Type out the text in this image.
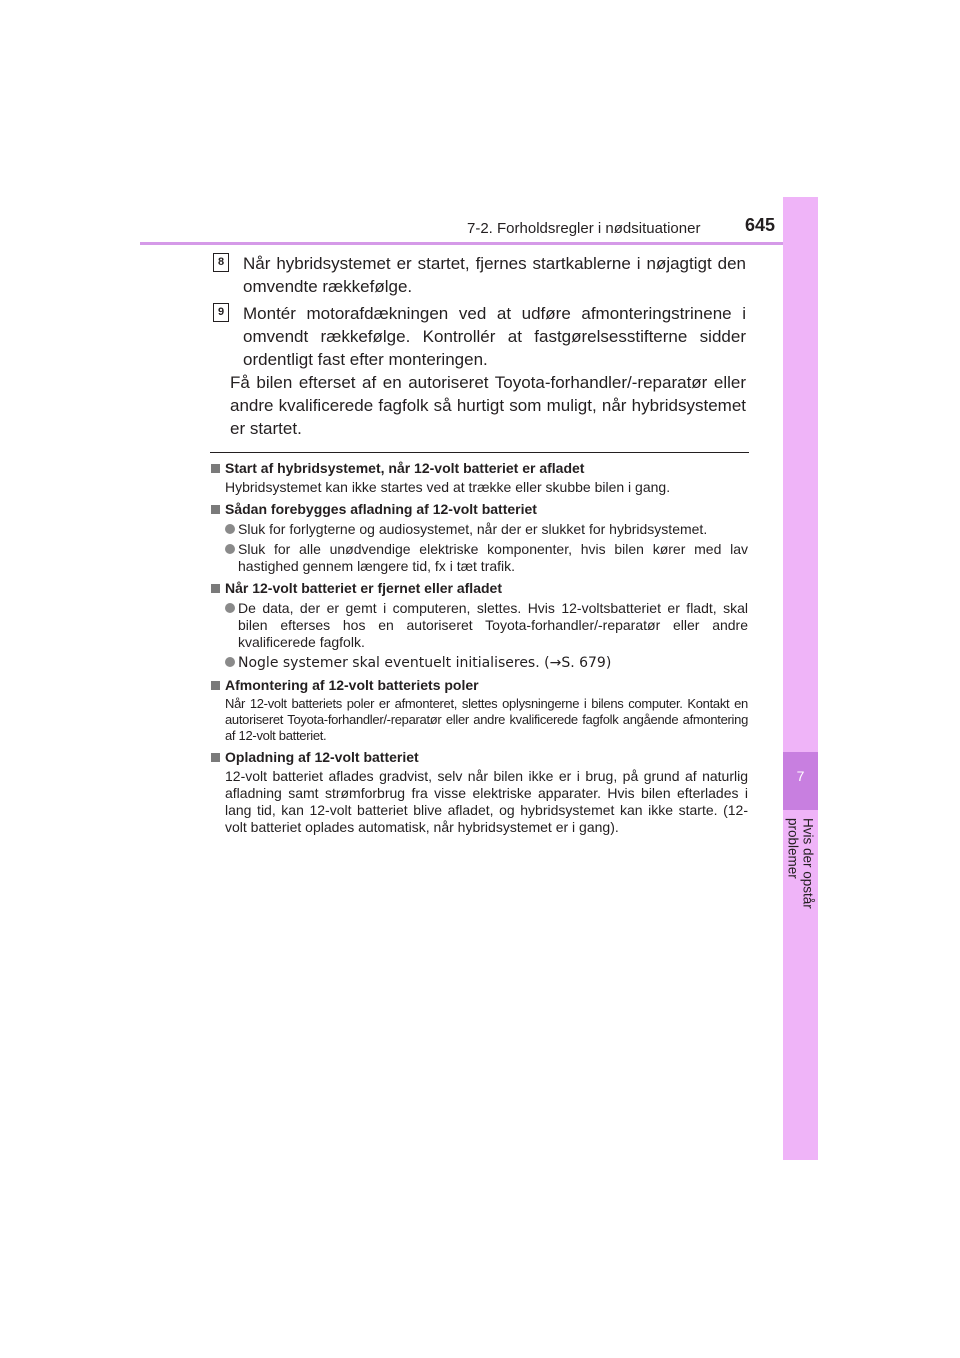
7-2. Forholdsregler i nødsituationer	645
7
Hvis der opstår problemer
8 Når hybridsystemet er startet, fjernes startkablerne i nøjagtigt den omvendte rækkefølge.
9 Montér motorafdækningen ved at udføre afmonteringstrinene i omvendt rækkefølge. Kontrollér at fastgørelsesstifterne sidder ordentligt fast efter monteringen.
Få bilen efterset af en autoriseret Toyota-forhandler/-reparatør eller andre kvalificerede fagfolk så hurtigt som muligt, når hybridsystemet er startet.
Start af hybridsystemet, når 12-volt batteriet er afladet
Hybridsystemet kan ikke startes ved at trække eller skubbe bilen i gang.
Sådan forebygges afladning af 12-volt batteriet
Sluk for forlygterne og audiosystemet, når der er slukket for hybridsystemet.
Sluk for alle unødvendige elektriske komponenter, hvis bilen kører med lav hastighed gennem længere tid, fx i tæt trafik.
Når 12-volt batteriet er fjernet eller afladet
De data, der er gemt i computeren, slettes. Hvis 12-voltsbatteriet er fladt, skal bilen efterses hos en autoriseret Toyota-forhandler/-reparatør eller andre kvalificerede fagfolk.
Nogle systemer skal eventuelt initialiseres. (→S. 679)
Afmontering af 12-volt batteriets poler
Når 12-volt batteriets poler er afmonteret, slettes oplysningerne i bilens computer. Kontakt en autoriseret Toyota-forhandler/-reparatør eller andre kvalificerede fagfolk angående afmontering af 12-volt batteriet.
Opladning af 12-volt batteriet
12-volt batteriet aflades gradvist, selv når bilen ikke er i brug, på grund af naturlig afladning samt strømforbrug fra visse elektriske apparater. Hvis bilen efterlades i lang tid, kan 12-volt batteriet blive afladet, og hybridsystemet kan ikke starte. (12-volt batteriet oplades automatisk, når hybridsystemet er i gang).
